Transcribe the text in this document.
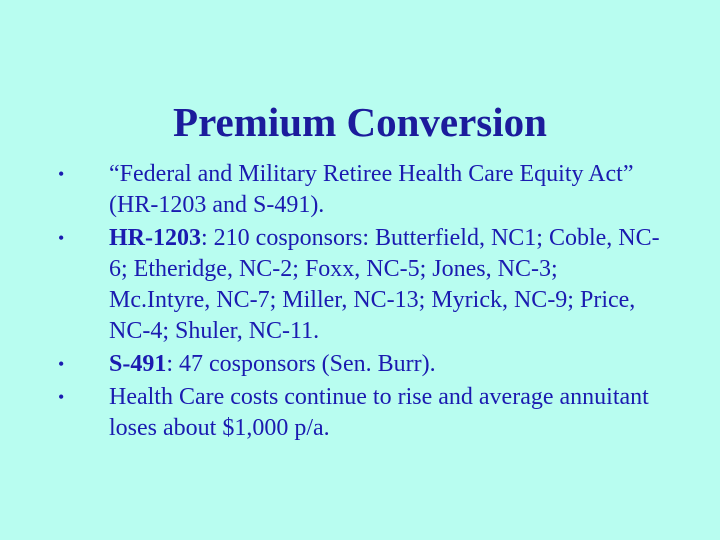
Premium Conversion
• “Federal and Military Retiree Health Care Equity Act” (HR-1203 and S-491).
• HR-1203: 210 cosponsors: Butterfield, NC1; Coble, NC-6; Etheridge, NC-2; Foxx, NC-5; Jones, NC-3; Mc.Intyre, NC-7; Miller, NC-13; Myrick, NC-9; Price, NC-4; Shuler, NC-11.
• S-491: 47 cosponsors (Sen. Burr).
• Health Care costs continue to rise and average annuitant loses about $1,000 p/a.
